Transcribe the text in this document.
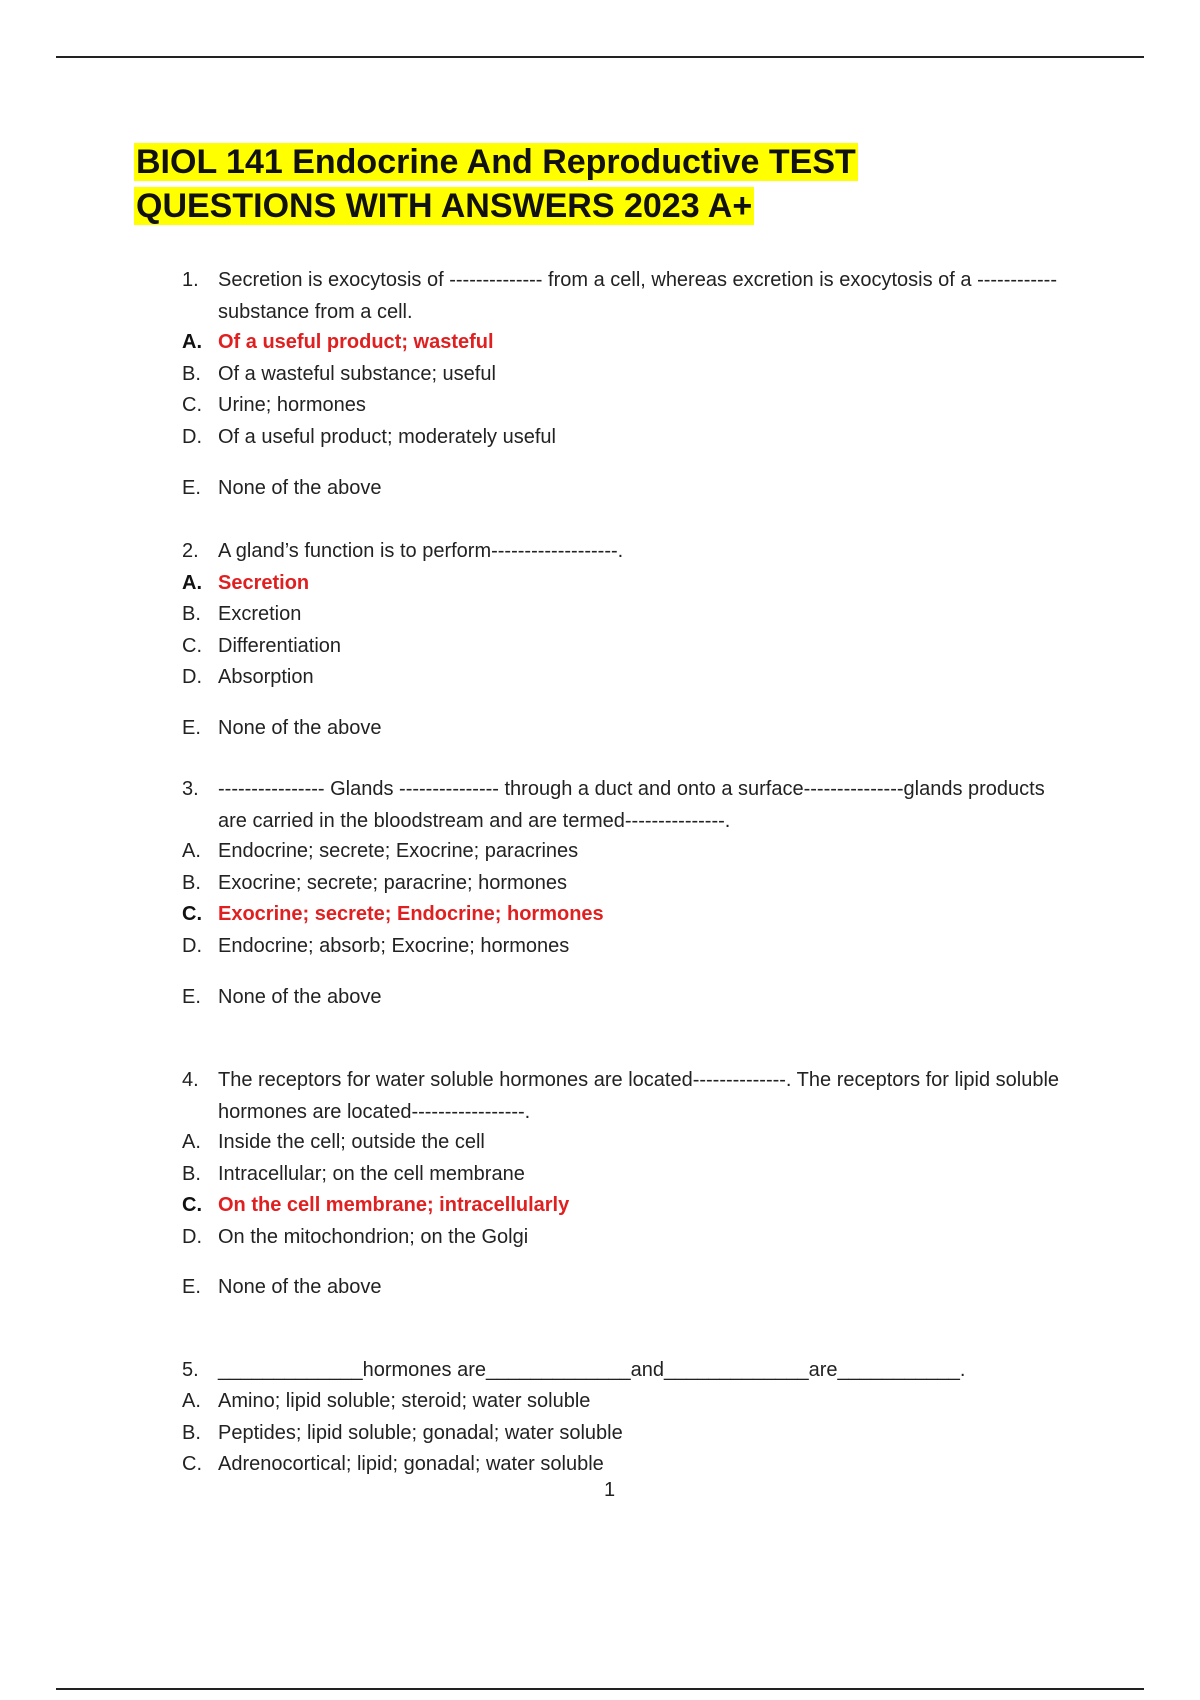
BIOL 141 Endocrine And Reproductive TEST
QUESTIONS WITH ANSWERS 2023 A+
1. Secretion is exocytosis of -------------- from a cell, whereas excretion is exocytosis of a ------------ substance from a cell.
A. Of a useful product; wasteful
B. Of a wasteful substance; useful
C. Urine; hormones
D. Of a useful product; moderately useful
E. None of the above
2. A gland’s function is to perform-----------------‐‐.
A. Secretion
B. Excretion
C. Differentiation
D. Absorption
E. None of the above
3. ---------------- Glands --------------- through a duct and onto a surface---------------glands products are carried in the bloodstream and are termed-------------‐‐.
A. Endocrine; secrete; Exocrine; paracrines
B. Exocrine; secrete; paracrine; hormones
C. Exocrine; secrete; Endocrine; hormones
D. Endocrine; absorb; Exocrine; hormones
E. None of the above
4. The receptors for water soluble hormones are located------------‐‐. The receptors for lipid soluble hormones are located---------------‐‐.
A. Inside the cell; outside the cell
B. Intracellular; on the cell membrane
C. On the cell membrane; intracellularly
D. On the mitochondrion; on the Golgi
E. None of the above
5. _____________hormones are_____________and_____________are___________.
A. Amino; lipid soluble; steroid; water soluble
B. Peptides; lipid soluble; gonadal; water soluble
C. Adrenocortical; lipid; gonadal; water soluble
1
